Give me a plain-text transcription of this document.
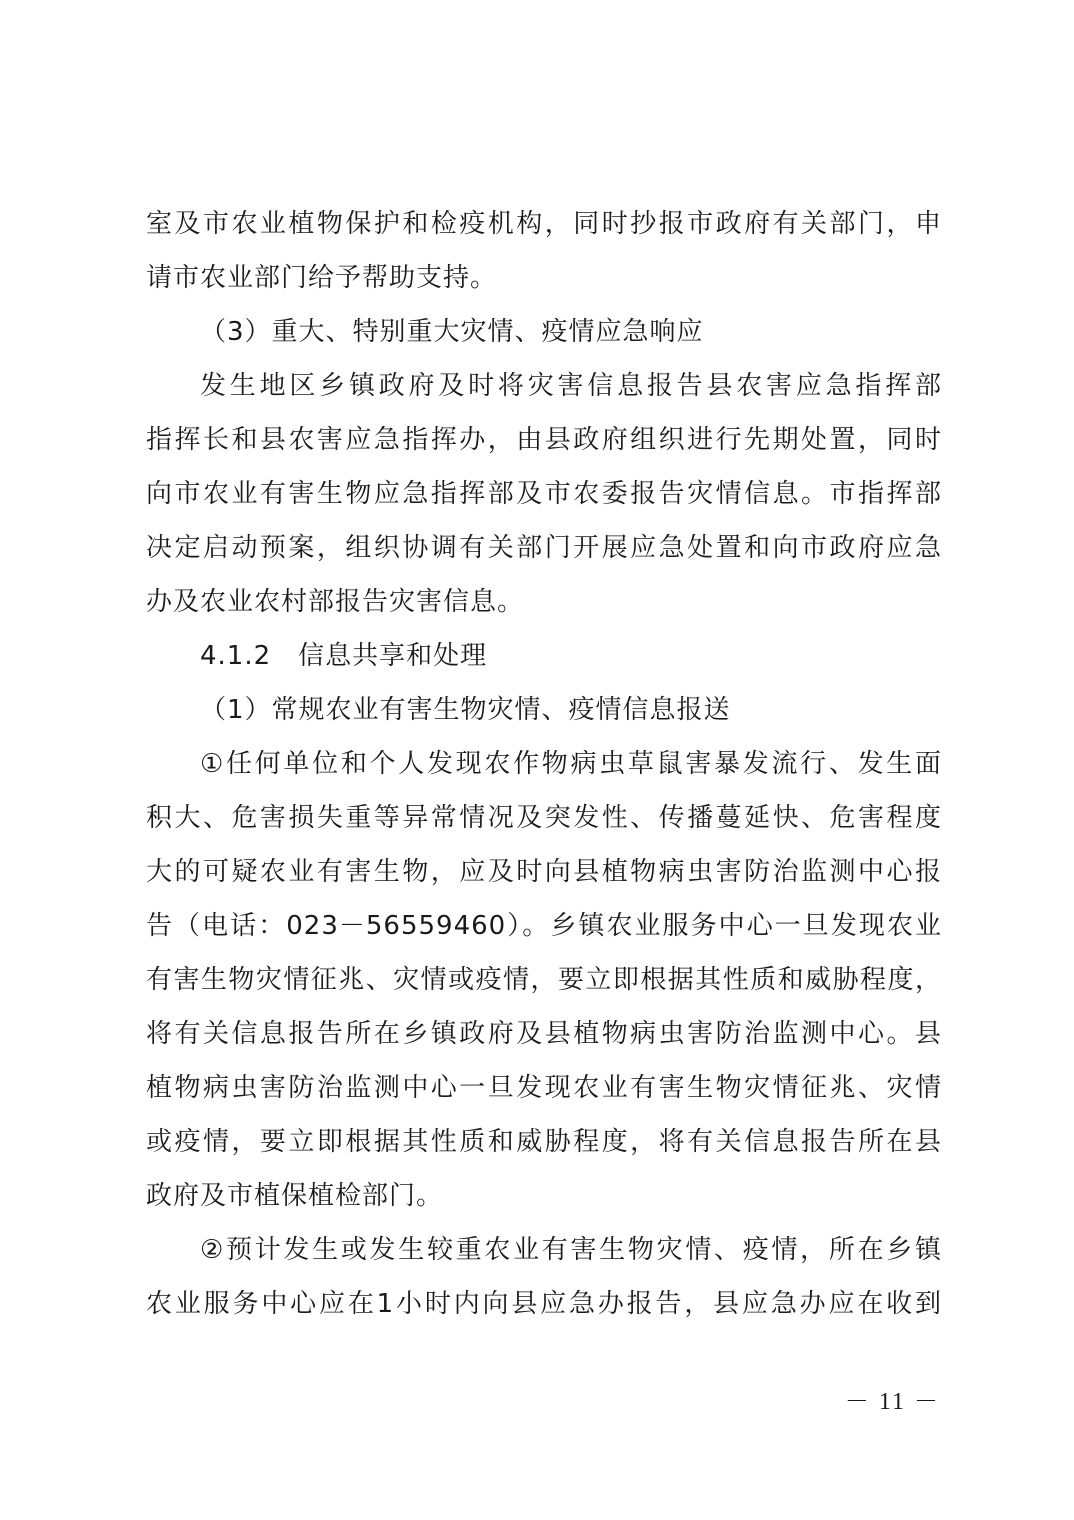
室及市农业植物保护和检疫机构，同时抄报市政府有关部门，申
请市农业部门给予帮助支持。
（3）重大、特别重大灾情、疫情应急响应
发生地区乡镇政府及时将灾害信息报告县农害应急指挥部
指挥长和县农害应急指挥办，由县政府组织进行先期处置，同时
向市农业有害生物应急指挥部及市农委报告灾情信息。市指挥部
决定启动预案，组织协调有关部门开展应急处置和向市政府应急
办及农业农村部报告灾害信息。
4.1.2　信息共享和处理
（1）常规农业有害生物灾情、疫情信息报送
①任何单位和个人发现农作物病虫草鼠害暴发流行、发生面
积大、危害损失重等异常情况及突发性、传播蔓延快、危害程度
大的可疑农业有害生物，应及时向县植物病虫害防治监测中心报
告（电话：023－56559460）。乡镇农业服务中心一旦发现农业
有害生物灾情征兆、灾情或疫情，要立即根据其性质和威胁程度，
将有关信息报告所在乡镇政府及县植物病虫害防治监测中心。县
植物病虫害防治监测中心一旦发现农业有害生物灾情征兆、灾情
或疫情，要立即根据其性质和威胁程度，将有关信息报告所在县
政府及市植保植检部门。
②预计发生或发生较重农业有害生物灾情、疫情，所在乡镇
农业服务中心应在1小时内向县应急办报告，县应急办应在收到
－ 11 －
